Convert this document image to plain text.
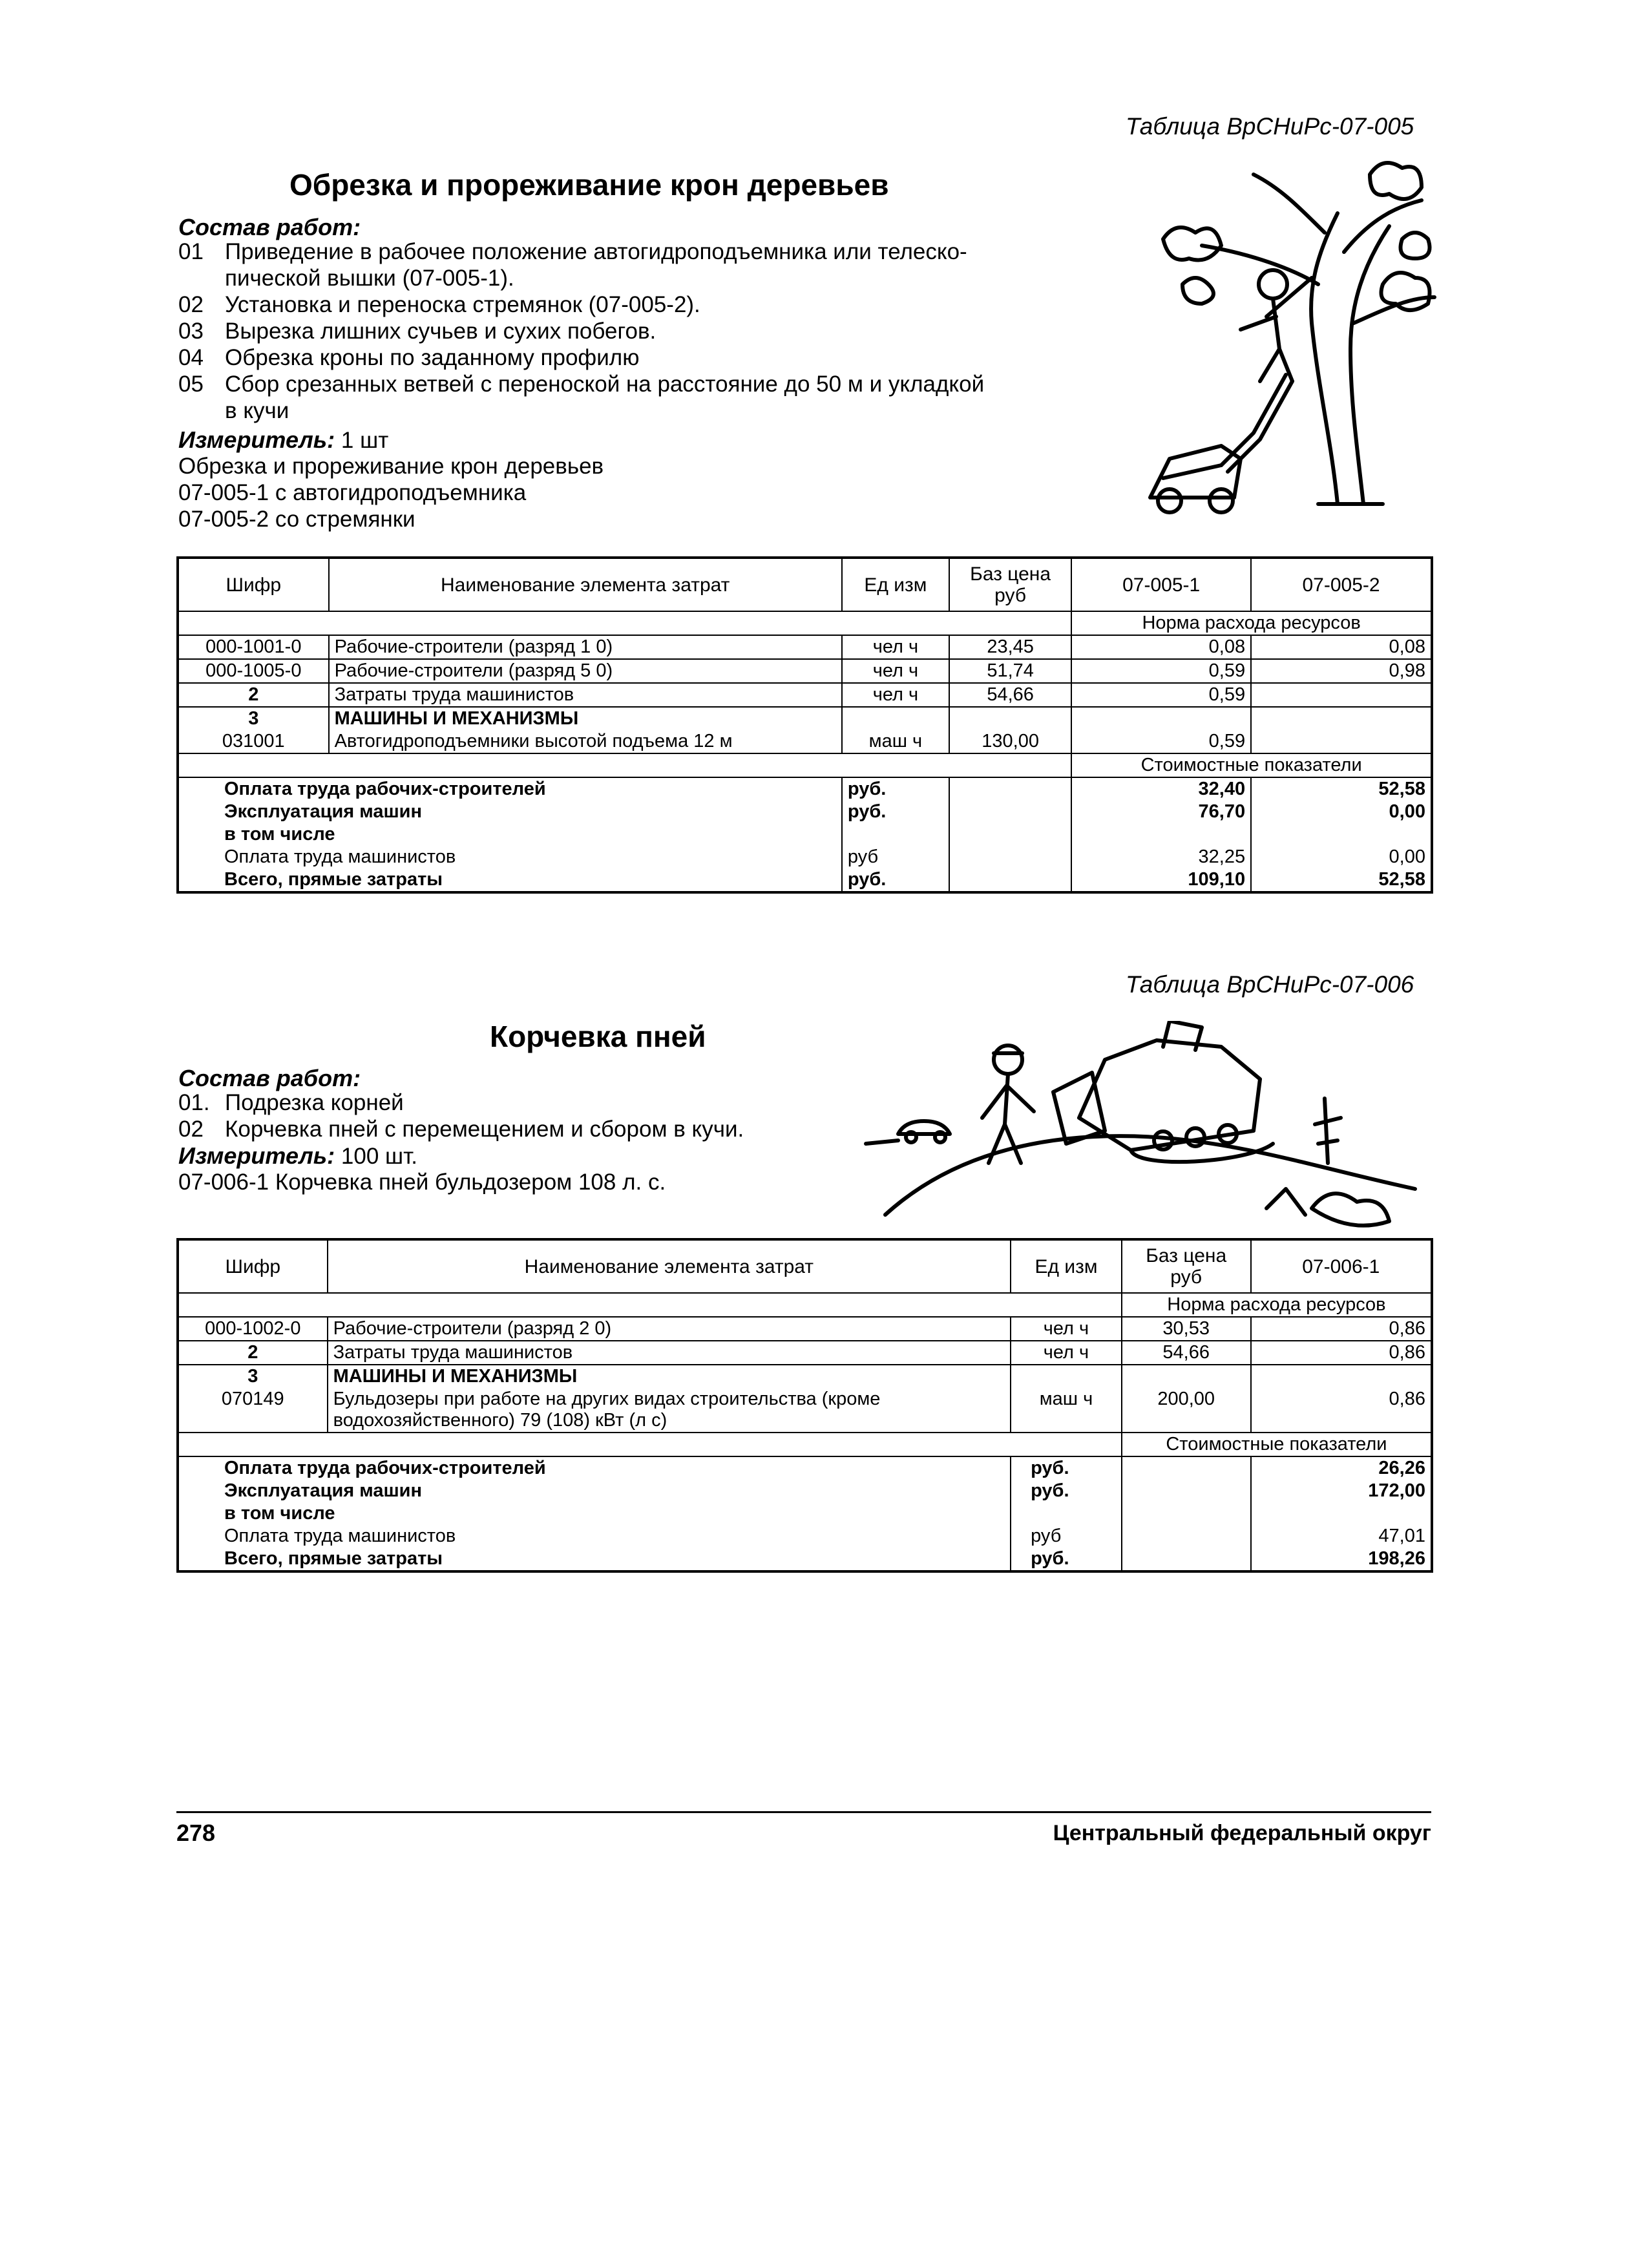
Таблица ВрСНиРс-07-005
Обрезка и прореживание крон деревьев
Состав работ:
01 Приведение в рабочее положение автогидроподъемника или телеско-
пической вышки (07-005-1).
02 Установка и переноска стремянок (07-005-2).
03 Вырезка лишних сучьев и сухих побегов.
04 Обрезка кроны по заданному профилю
05 Сбор срезанных ветвей с переноской на расстояние до 50 м и укладкой
в кучи
Измеритель: 1 шт
Обрезка и прореживание крон деревьев
07-005-1 с автогидроподъемника
07-005-2 со стремянки
Шифр	Наименование элемента затрат	Ед изм	Баз цена руб	07-005-1	07-005-2
				Норма расхода ресурсов	
000-1001-0	Рабочие-строители (разряд 1 0)	чел ч	23,45	0,08	0,08
000-1005-0	Рабочие-строители (разряд 5 0)	чел ч	51,74	0,59	0,98
2	Затраты труда машинистов	чел ч	54,66	0,59	
3	МАШИНЫ И МЕХАНИЗМЫ				
031001	Автогидроподъемники высотой подъема 12 м	маш ч	130,00	0,59	
				Стоимостные показатели	
Оплата труда рабочих-строителей		руб.		32,40	52,58
Эксплуатация машин		руб.		76,70	0,00
в том числе					
Оплата труда машинистов		руб		32,25	0,00
Всего, прямые затраты		руб.		109,10	52,58
Таблица ВрСНиРс-07-006
Корчевка пней
Состав работ:
01. Подрезка корней
02 Корчевка пней с перемещением и сбором в кучи.
Измеритель: 100 шт.
07-006-1 Корчевка пней бульдозером 108 л. с.
Шифр	Наименование элемента затрат	Ед изм	Баз цена руб	07-006-1
			Норма расхода ресурсов	
000-1002-0	Рабочие-строители (разряд 2 0)	чел ч	30,53	0,86
2	Затраты труда машинистов	чел ч	54,66	0,86
3	МАШИНЫ И МЕХАНИЗМЫ			
070149	Бульдозеры при работе на других видах строительства (кроме
водохозяйственного) 79 (108) кВт (л с)	маш ч	200,00	0,86
			Стоимостные показатели	
Оплата труда рабочих-строителей		руб.		26,26
Эксплуатация машин		руб.		172,00
в том числе				
Оплата труда машинистов		руб		47,01
Всего, прямые затраты		руб.		198,26
278	Центральный федеральный округ
